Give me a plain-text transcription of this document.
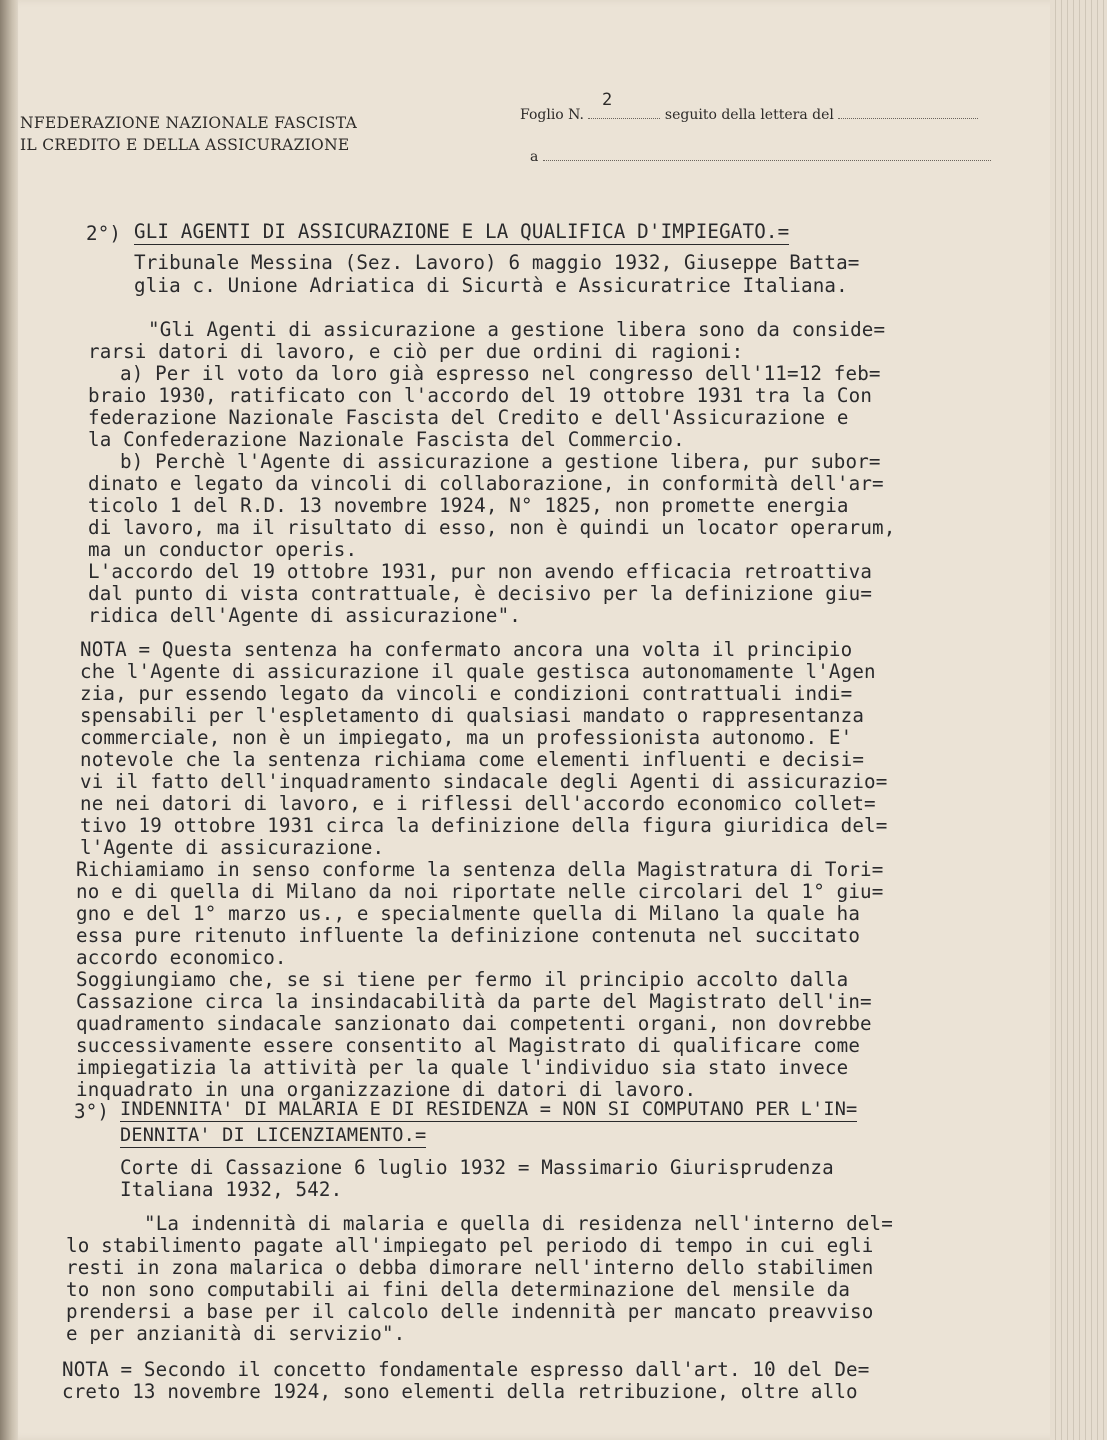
NFEDERAZIONE NAZIONALE FASCISTA
IL CREDITO E DELLA ASSICURAZIONE
2
Foglio N.	seguito della lettera del
a
2°) GLI AGENTI DI ASSICURAZIONE E LA QUALIFICA D'IMPIEGATO.=
Tribunale Messina (Sez. Lavoro) 6 maggio 1932, Giuseppe Batta=
glia c. Unione Adriatica di Sicurtà e Assicuratrice Italiana.
"Gli Agenti di assicurazione a gestione libera sono da conside=
rarsi datori di lavoro, e ciò per due ordini di ragioni:
a) Per il voto da loro già espresso nel congresso dell'11=12 feb=
braio 1930, ratificato con l'accordo del 19 ottobre 1931 tra la Con
federazione Nazionale Fascista del Credito e dell'Assicurazione e
la Confederazione Nazionale Fascista del Commercio.
b) Perchè l'Agente di assicurazione a gestione libera, pur subor=
dinato e legato da vincoli di collaborazione, in conformità dell'ar=
ticolo 1 del R.D. 13 novembre 1924, N° 1825, non promette energia
di lavoro, ma il risultato di esso, non è quindi un locator operarum,
ma un conductor operis.
L'accordo del 19 ottobre 1931, pur non avendo efficacia retroattiva
dal punto di vista contrattuale, è decisivo per la definizione giu=
ridica dell'Agente di assicurazione".
NOTA = Questa sentenza ha confermato ancora una volta il principio
che l'Agente di assicurazione il quale gestisca autonomamente l'Agen
zia, pur essendo legato da vincoli e condizioni contrattuali indi=
spensabili per l'espletamento di qualsiasi mandato o rappresentanza
commerciale, non è un impiegato, ma un professionista autonomo. E'
notevole che la sentenza richiama come elementi influenti e decisi=
vi il fatto dell'inquadramento sindacale degli Agenti di assicurazio=
ne nei datori di lavoro, e i riflessi dell'accordo economico collet=
tivo 19 ottobre 1931 circa la definizione della figura giuridica del=
l'Agente di assicurazione.
Richiamiamo in senso conforme la sentenza della Magistratura di Tori=
no e di quella di Milano da noi riportate nelle circolari del 1° giu=
gno e del 1° marzo us., e specialmente quella di Milano la quale ha
essa pure ritenuto influente la definizione contenuta nel succitato
accordo economico.
Soggiungiamo che, se si tiene per fermo il principio accolto dalla
Cassazione circa la insindacabilità da parte del Magistrato dell'in=
quadramento sindacale sanzionato dai competenti organi, non dovrebbe
successivamente essere consentito al Magistrato di qualificare come
impiegatizia la attività per la quale l'individuo sia stato invece
inquadrato in una organizzazione di datori di lavoro.
3°) INDENNITA' DI MALARIA E DI RESIDENZA = NON SI COMPUTANO PER L'IN=
DENNITA' DI LICENZIAMENTO.=
Corte di Cassazione 6 luglio 1932 = Massimario Giurisprudenza
Italiana 1932, 542.
"La indennità di malaria e quella di residenza nell'interno del=
lo stabilimento pagate all'impiegato pel periodo di tempo in cui egli
resti in zona malarica o debba dimorare nell'interno dello stabilimen
to non sono computabili ai fini della determinazione del mensile da
prendersi a base per il calcolo delle indennità per mancato preavviso
e per anzianità di servizio".
NOTA = Secondo il concetto fondamentale espresso dall'art. 10 del De=
creto 13 novembre 1924, sono elementi della retribuzione, oltre allo
